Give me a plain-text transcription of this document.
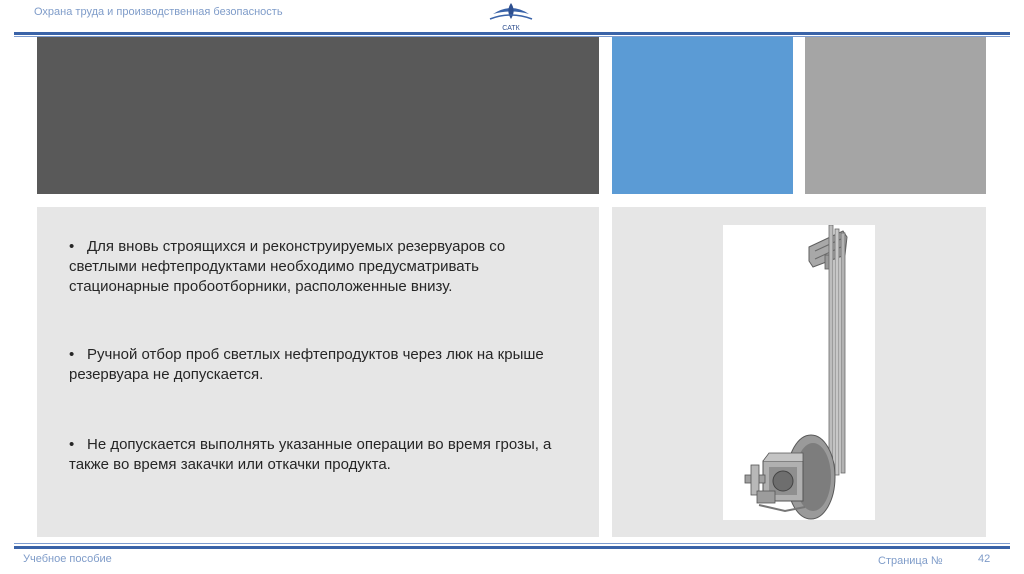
Охрана труда и производственная безопасность
САТК
• Для вновь строящихся и реконструируемых резервуаров со светлыми нефтепродуктами необходимо предусматривать стационарные пробоотборники, расположенные внизу.
• Ручной отбор проб светлых нефтепродуктов через люк на крыше резервуара не допускается.
• Не допускается выполнять указанные операции во время грозы, а также во время закачки или откачки продукта.
Учебное пособие	Страница №	42
